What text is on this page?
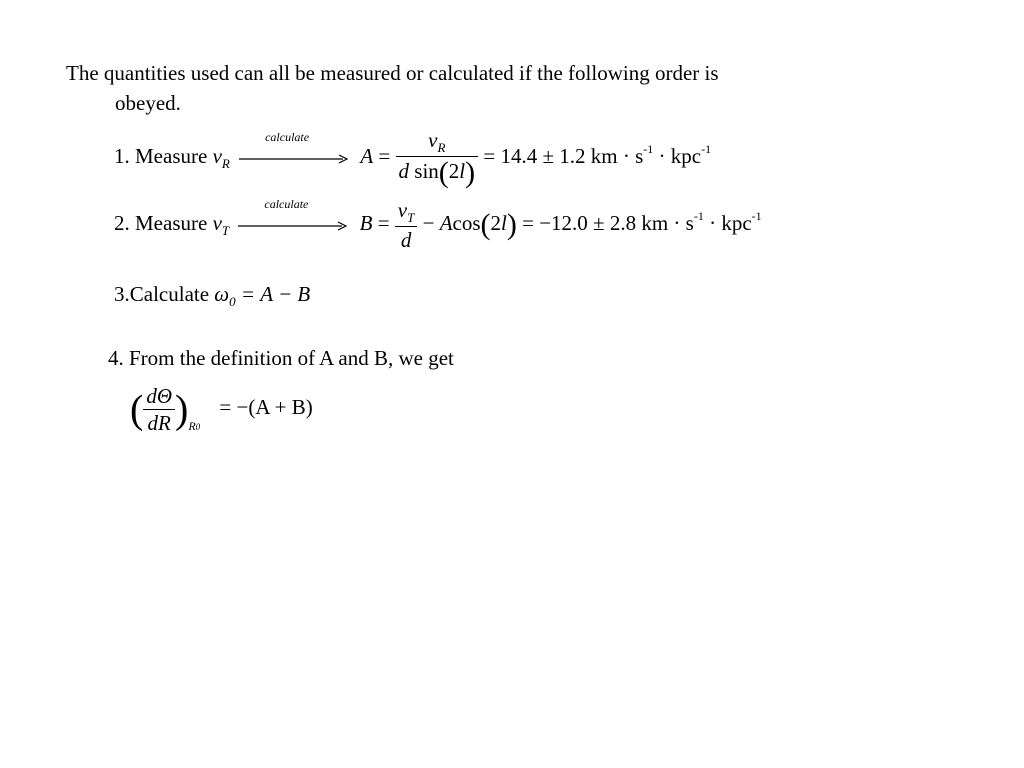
The quantities used can all be measured or calculated if the following order is
obeyed.
1. Measure $v_R$
calculate
$A = \frac{v_R}{\text{d sin(2l)}} = 14.4 \pm 1.2$ km · $s^{-1} \cdot kpc^{-1}$
2. Measure $v_T$
calculate
$B = \frac{v_T}{d} - Acos(2l) = -12.0 \pm 2.8$ km · $s^{-1} \cdot kpc^{-1}$
3.Calculate $\omega_0 = A - B$
4. From the definition of A and B, we get
( $\frac{d\Theta}{dR} )_{R0} = -(A + B)$
